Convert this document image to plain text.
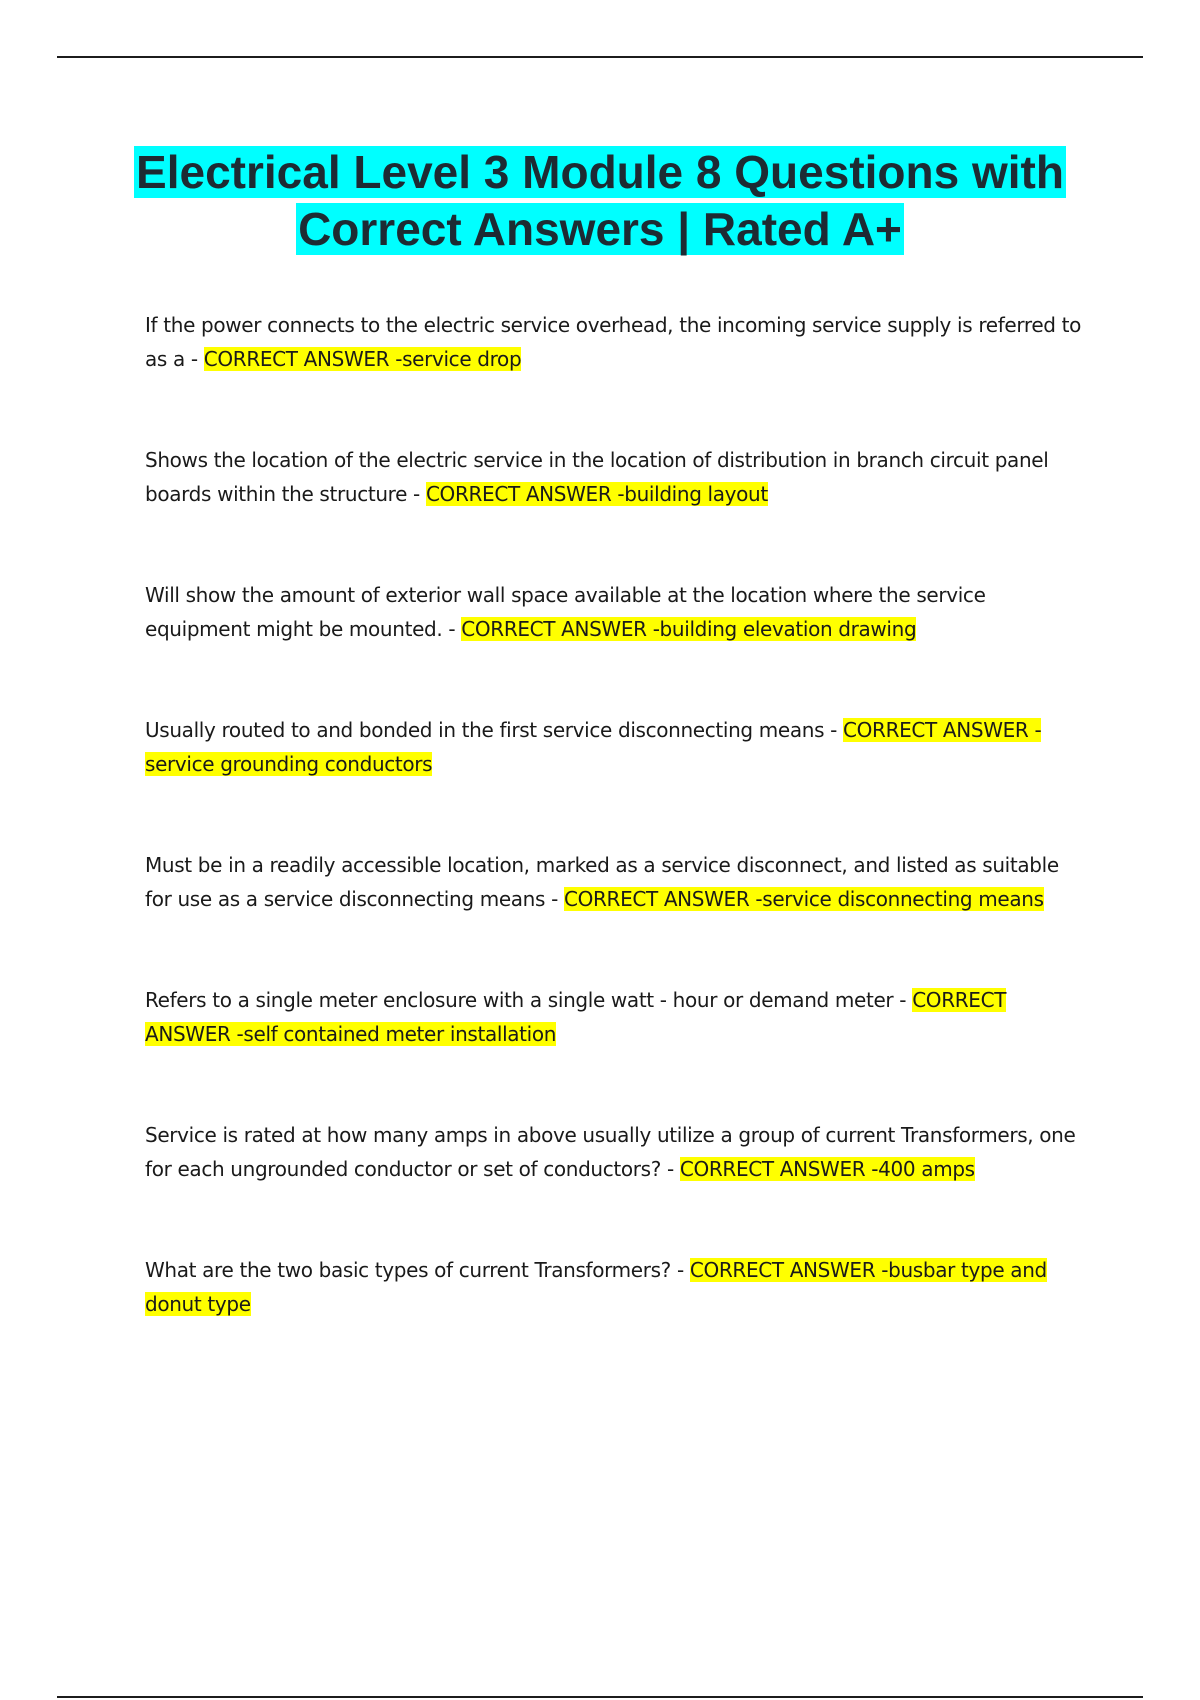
Electrical Level 3 Module 8 Questions with Correct Answers | Rated A+

If the power connects to the electric service overhead, the incoming service supply is referred to as a - CORRECT ANSWER -service drop

Shows the location of the electric service in the location of distribution in branch circuit panel boards within the structure - CORRECT ANSWER -building layout

Will show the amount of exterior wall space available at the location where the service equipment might be mounted. - CORRECT ANSWER -building elevation drawing

Usually routed to and bonded in the first service disconnecting means - CORRECT ANSWER -service grounding conductors

Must be in a readily accessible location, marked as a service disconnect, and listed as suitable for use as a service disconnecting means - CORRECT ANSWER -service disconnecting means

Refers to a single meter enclosure with a single watt - hour or demand meter - CORRECT ANSWER -self contained meter installation

Service is rated at how many amps in above usually utilize a group of current Transformers, one for each ungrounded conductor or set of conductors? - CORRECT ANSWER -400 amps

What are the two basic types of current Transformers? - CORRECT ANSWER -busbar type and donut type
